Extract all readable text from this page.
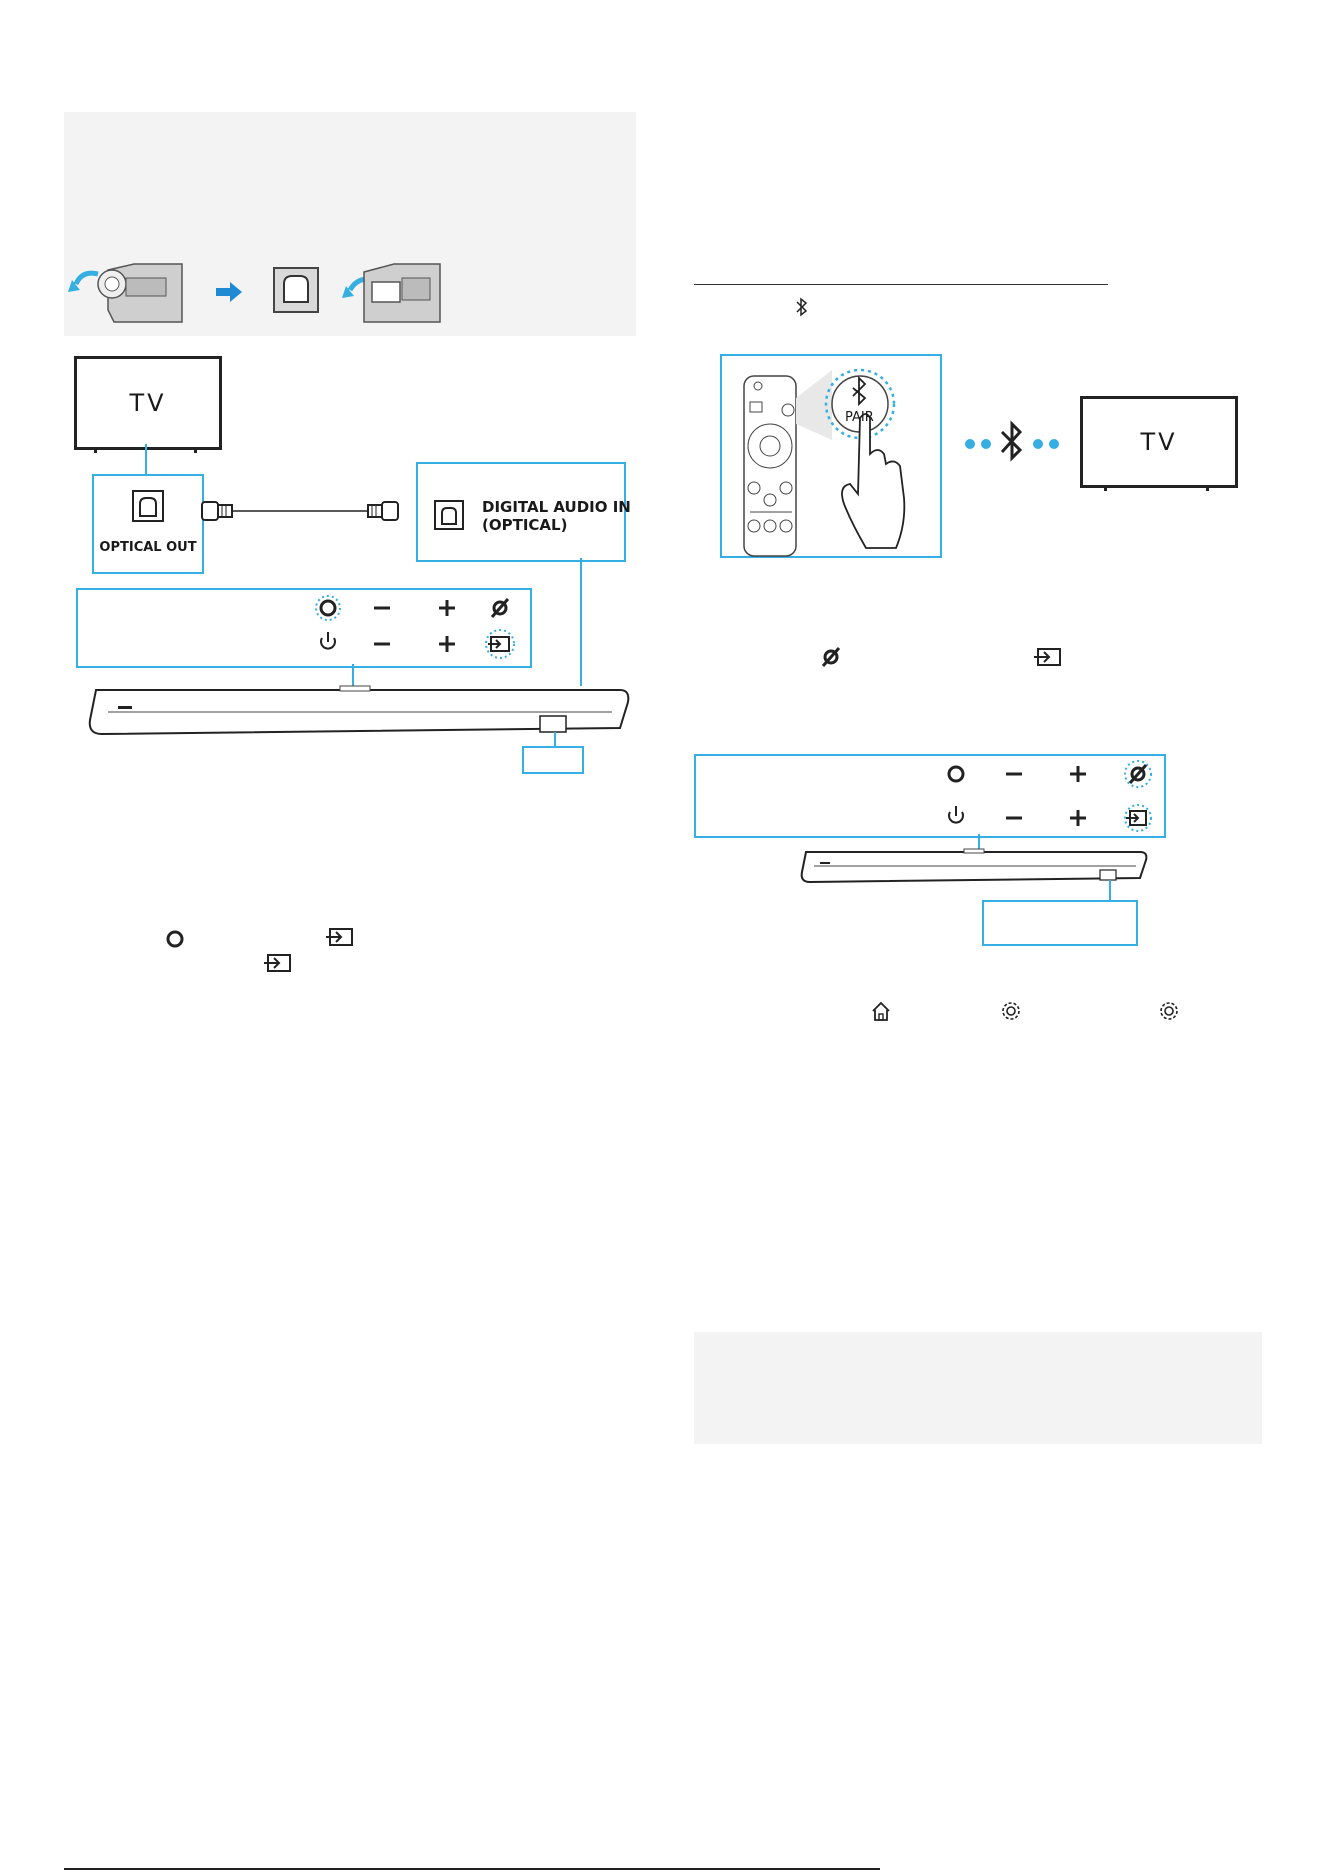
TV
OPTICAL OUT
DIGITAL AUDIO IN
(OPTICAL)
PAIR
TV
